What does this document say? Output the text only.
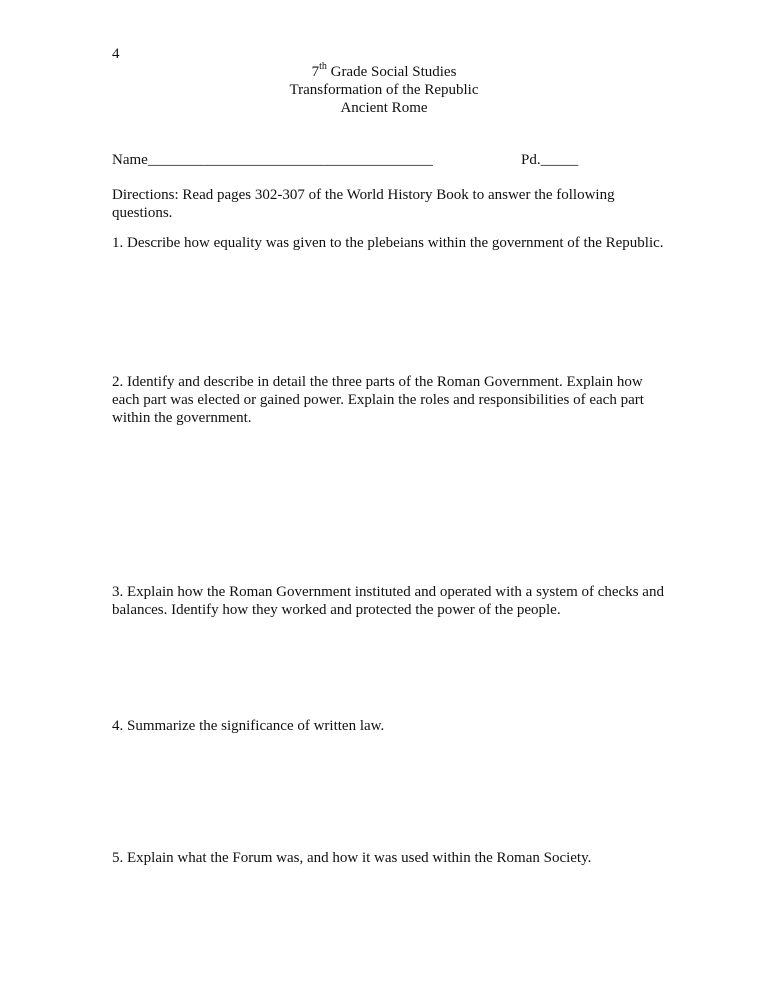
4
7th Grade Social Studies
Transformation of the Republic
Ancient Rome
Name______________________________________	Pd._____
Directions: Read pages 302-307 of the World History Book to answer the following questions.
1. Describe how equality was given to the plebeians within the government of the Republic.
2. Identify and describe in detail the three parts of the Roman Government. Explain how each part was elected or gained power. Explain the roles and responsibilities of each part within the government.
3. Explain how the Roman Government instituted and operated with a system of checks and balances. Identify how they worked and protected the power of the people.
4. Summarize the significance of written law.
5. Explain what the Forum was, and how it was used within the Roman Society.
